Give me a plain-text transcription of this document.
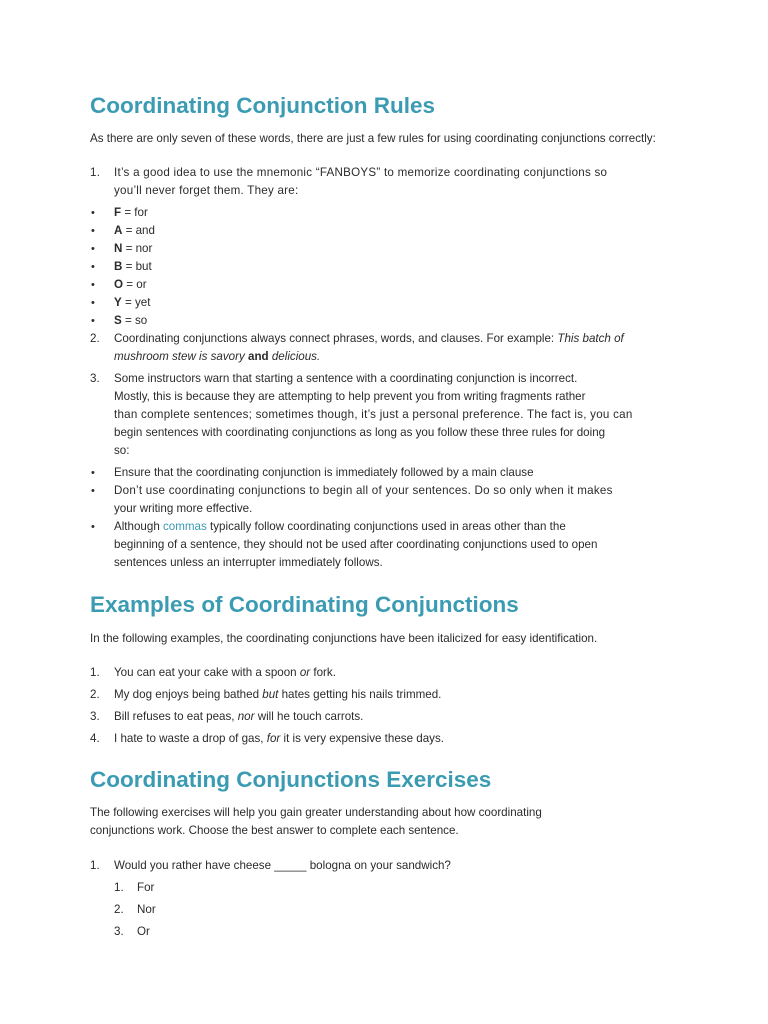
Coordinating Conjunction Rules

As there are only seven of these words, there are just a few rules for using coordinating conjunctions correctly:

1. It’s a good idea to use the mnemonic “FANBOYS” to memorize coordinating conjunctions so
you’ll never forget them. They are:
• F = for
• A = and
• N = nor
• B = but
• O = or
• Y = yet
• S = so
2. Coordinating conjunctions always connect phrases, words, and clauses. For example: This batch of mushroom stew is savory and delicious.
3. Some instructors warn that starting a sentence with a coordinating conjunction is incorrect.
Mostly, this is because they are attempting to help prevent you from writing fragments rather
than complete sentences; sometimes though, it’s just a personal preference. The fact is, you can
begin sentences with coordinating conjunctions as long as you follow these three rules for doing
so:
• Ensure that the coordinating conjunction is immediately followed by a main clause
• Don’t use coordinating conjunctions to begin all of your sentences. Do so only when it makes
your writing more effective.
• Although commas typically follow coordinating conjunctions used in areas other than the
beginning of a sentence, they should not be used after coordinating conjunctions used to open
sentences unless an interrupter immediately follows.
Examples of Coordinating Conjunctions

In the following examples, the coordinating conjunctions have been italicized for easy identification.

1. You can eat your cake with a spoon or fork.
2. My dog enjoys being bathed but hates getting his nails trimmed.
3. Bill refuses to eat peas, nor will he touch carrots.
4. I hate to waste a drop of gas, for it is very expensive these days.
Coordinating Conjunctions Exercises

The following exercises will help you gain greater understanding about how coordinating
conjunctions work. Choose the best answer to complete each sentence.

1. Would you rather have cheese _____ bologna on your sandwich?
1. For
2. Nor
3. Or
